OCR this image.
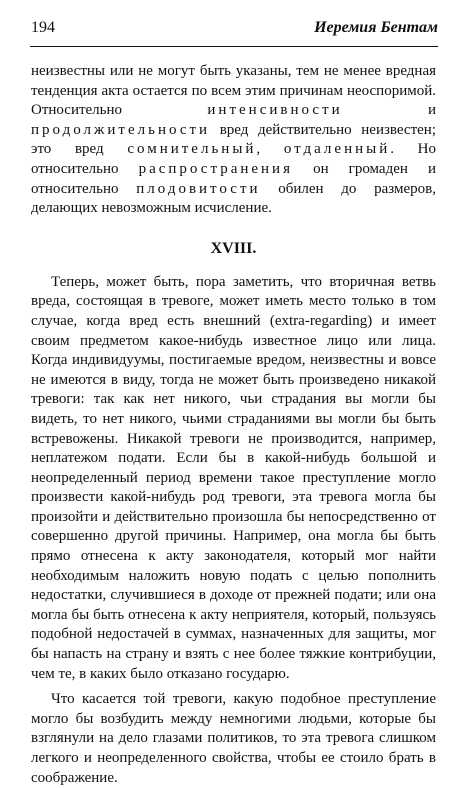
194	Иеремия Бентам

неизвестны или не могут быть указаны, тем не менее вредная тенденция акта остается по всем этим причинам неоспоримой. Относительно интенсивности и продолжительности вред действительно неизвестен; это вред сомнительный, отдаленный. Но относительно распространения он громаден и относительно плодовитости обилен до размеров, делающих невозможным исчисление.

XVIII.

Теперь, может быть, пора заметить, что вторичная ветвь вреда, состоящая в тревоге, может иметь место только в том случае, когда вред есть внешний (extra-regarding) и имеет своим предметом какое-нибудь известное лицо или лица. Когда индивидуумы, постигаемые вредом, неизвестны и вовсе не имеются в виду, тогда не может быть произведено никакой тревоги: так как нет никого, чьи страдания вы могли бы видеть, то нет никого, чьими страданиями вы могли бы быть встревожены. Никакой тревоги не производится, например, неплатежом подати. Если бы в какой-нибудь большой и неопределенный период времени такое преступление могло произвести какой-нибудь род тревоги, эта тревога могла бы произойти и действительно произошла бы непосредственно от совершенно другой причины. Например, она могла бы быть прямо отнесена к акту законодателя, который мог найти необходимым наложить новую подать с целью пополнить недостатки, случившиеся в доходе от прежней подати; или она могла бы быть отнесена к акту неприятеля, который, пользуясь подобной недостачей в суммах, назначенных для защиты, мог бы напасть на страну и взять с нее более тяжкие контрибуции, чем те, в каких было отказано государю.

Что касается той тревоги, какую подобное преступление могло бы возбудить между немногими людьми, которые бы взглянули на дело глазами политиков, то эта тревога слишком легкого и неопределенного свойства, чтобы ее стоило брать в соображение.
